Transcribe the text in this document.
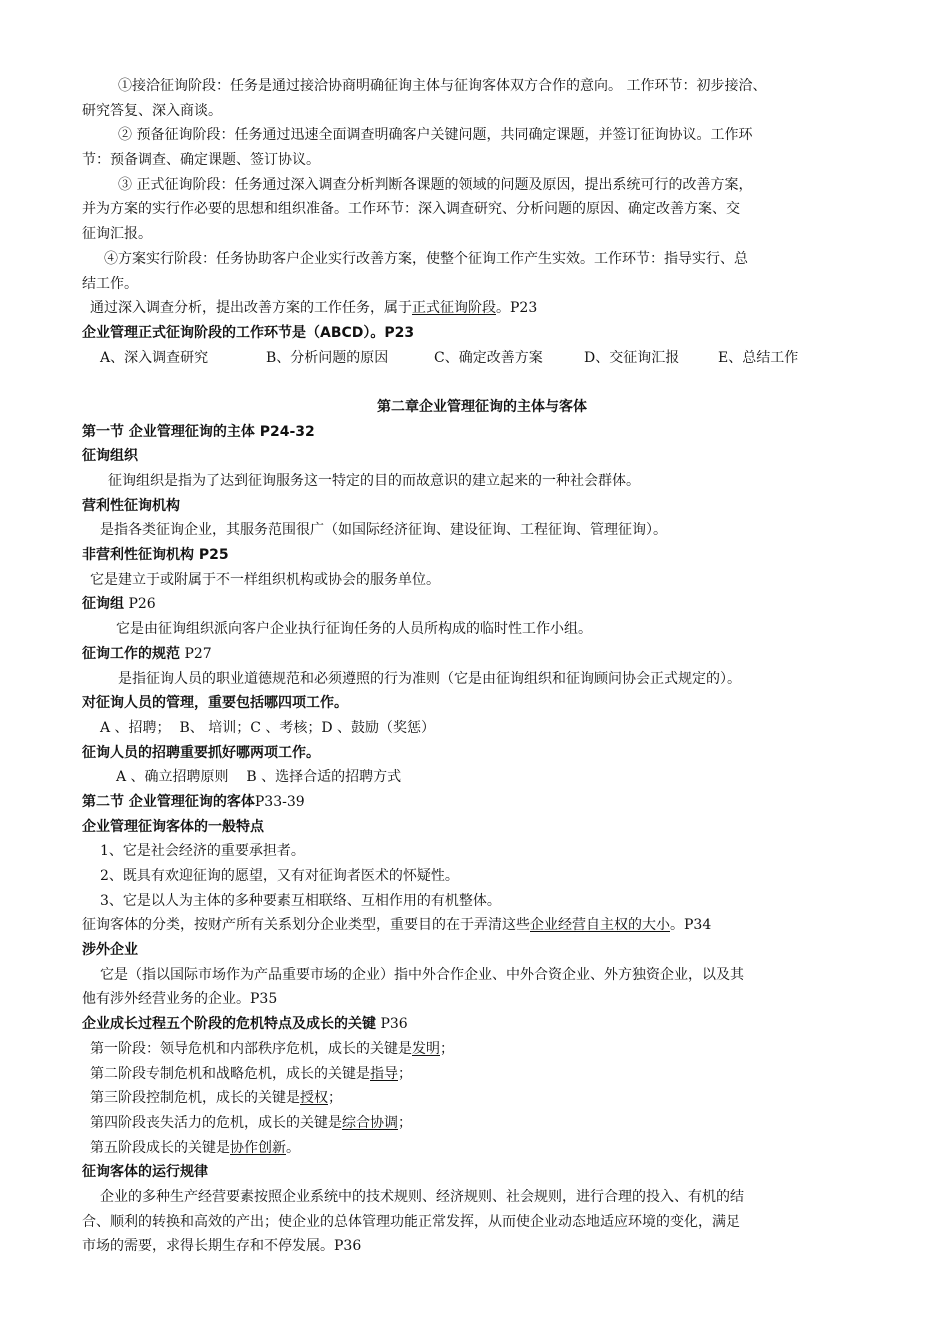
①接洽征询阶段：任务是通过接洽协商明确征询主体与征询客体双方合作的意向。 工作环节：初步接洽、
研究答复、深入商谈。
② 预备征询阶段：任务通过迅速全面调查明确客户关键问题，共同确定课题，并签订征询协议。工作环
节：预备调查、确定课题、签订协议。
③ 正式征询阶段：任务通过深入调查分析判断各课题的领域的问题及原因，提出系统可行的改善方案，
并为方案的实行作必要的思想和组织准备。工作环节：深入调查研究、分析问题的原因、确定改善方案、交
征询汇报。
④方案实行阶段：任务协助客户企业实行改善方案，使整个征询工作产生实效。工作环节：指导实行、总
结工作。
通过深入调查分析，提出改善方案的工作任务，属于正式征询阶段。P23
企业管理正式征询阶段的工作环节是（ABCD）。P23
A、深入调查研究	B、分析问题的原因	C、确定改善方案	D、交征询汇报	E、总结工作
第二章企业管理征询的主体与客体
第一节 企业管理征询的主体 P24-32
征询组织
征询组织是指为了达到征询服务这一特定的目的而故意识的建立起来的一种社会群体。
营利性征询机构
是指各类征询企业，其服务范围很广（如国际经济征询、建设征询、工程征询、管理征询）。
非营利性征询机构 P25
它是建立于或附属于不一样组织机构或协会的服务单位。
征询组 P26
它是由征询组织派向客户企业执行征询任务的人员所构成的临时性工作小组。
征询工作的规范 P27
是指征询人员的职业道德规范和必须遵照的行为准则（它是由征询组织和征询顾问协会正式规定的）。
对征询人员的管理，重要包括哪四项工作。
A 、招聘；  B、 培训；C 、考核；D 、鼓励（奖惩）
征询人员的招聘重要抓好哪两项工作。
A 、确立招聘原则    B 、选择合适的招聘方式
第二节 企业管理征询的客体P33-39
企业管理征询客体的一般特点
1、它是社会经济的重要承担者。
2、既具有欢迎征询的愿望，又有对征询者医术的怀疑性。
3、它是以人为主体的多种要素互相联络、互相作用的有机整体。
征询客体的分类，按财产所有关系划分企业类型，重要目的在于弄清这些企业经营自主权的大小。P34
涉外企业
它是（指以国际市场作为产品重要市场的企业）指中外合作企业、中外合资企业、外方独资企业，以及其
他有涉外经营业务的企业。P35
企业成长过程五个阶段的危机特点及成长的关键 P36
第一阶段：领导危机和内部秩序危机，成长的关键是发明；
第二阶段专制危机和战略危机，成长的关键是指导；
第三阶段控制危机，成长的关键是授权；
第四阶段丧失活力的危机，成长的关键是综合协调；
第五阶段成长的关键是协作创新。
征询客体的运行规律
企业的多种生产经营要素按照企业系统中的技术规则、经济规则、社会规则，进行合理的投入、有机的结
合、顺利的转换和高效的产出；使企业的总体管理功能正常发挥，从而使企业动态地适应环境的变化，满足
市场的需要，求得长期生存和不停发展。P36
